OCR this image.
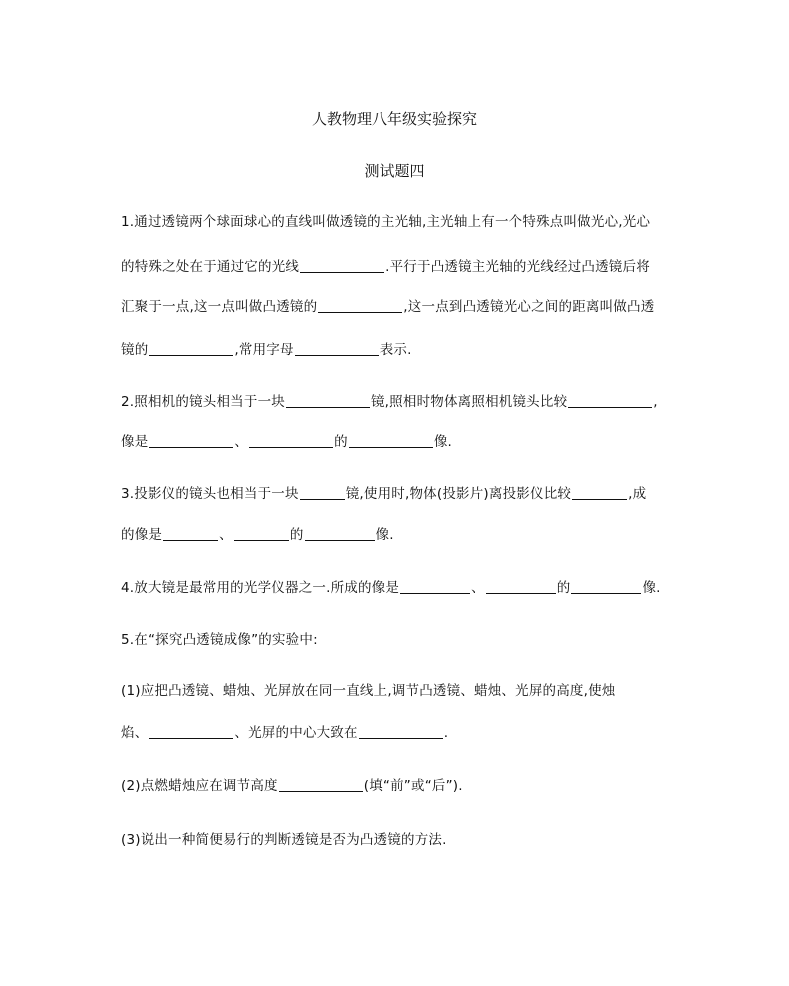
人教物理八年级实验探究
测试题四
1.通过透镜两个球面球心的直线叫做透镜的主光轴,主光轴上有一个特殊点叫做光心,光心
的特殊之处在于通过它的光线	.平行于凸透镜主光轴的光线经过凸透镜后将
汇聚于一点,这一点叫做凸透镜的	,这一点到凸透镜光心之间的距离叫做凸透
镜的	,常用字母	表示.
2.照相机的镜头相当于一块	镜,照相时物体离照相机镜头比较	,
像是	、	的	像.
3.投影仪的镜头也相当于一块	镜,使用时,物体(投影片)离投影仪比较	,成
的像是	、	的	像.
4.放大镜是最常用的光学仪器之一.所成的像是	、	的	像.
5.在“探究凸透镜成像”的实验中:
(1)应把凸透镜、蜡烛、光屏放在同一直线上,调节凸透镜、蜡烛、光屏的高度,使烛
焰、	、光屏的中心大致在	.
(2)点燃蜡烛应在调节高度	(填“前”或“后”).
(3)说出一种简便易行的判断透镜是否为凸透镜的方法.
